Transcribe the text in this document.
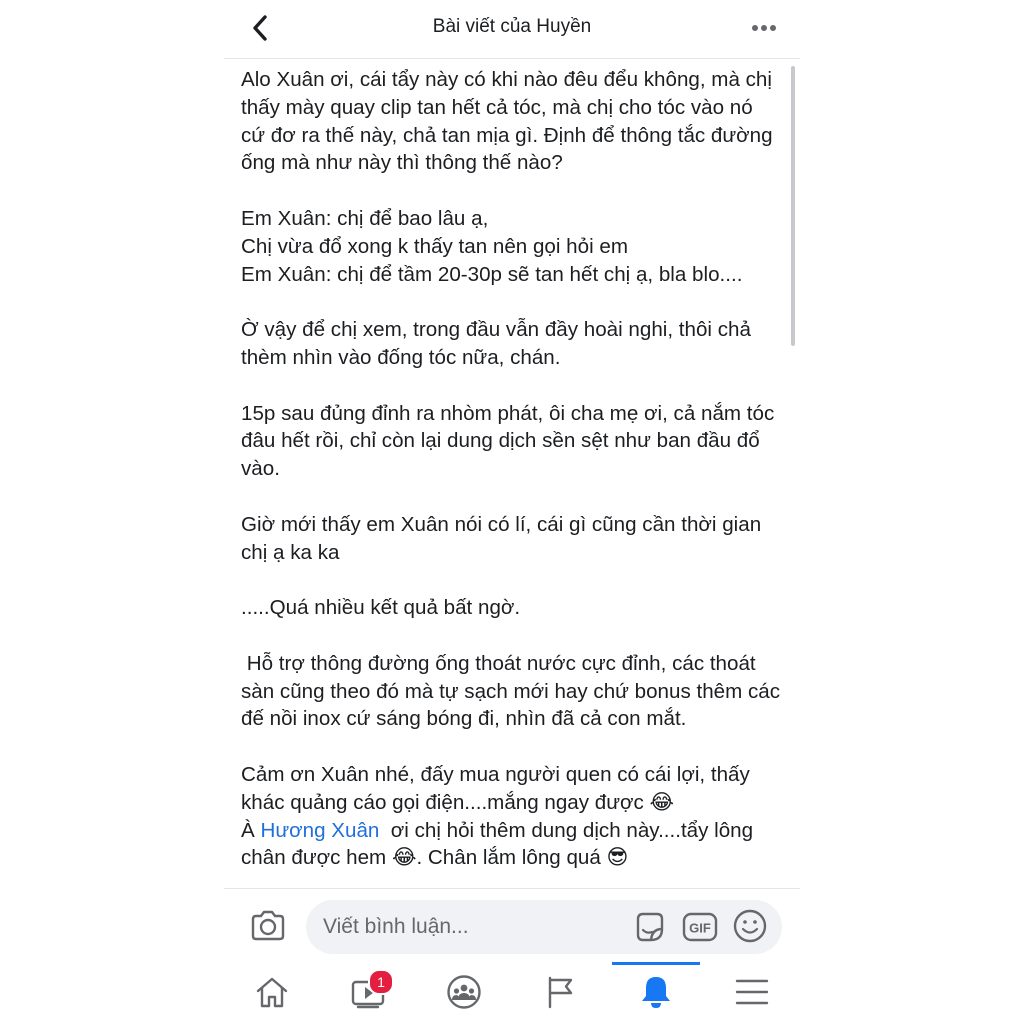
Bài viết của Huyền

Alo Xuân ơi, cái tẩy này có khi nào đêu đểu không, mà chị thấy mày quay clip tan hết cả tóc, mà chị cho tóc vào nó cứ đơ ra thế này, chả tan mịa gì. Định để thông tắc đường ống mà như này thì thông thế nào?

Em Xuân: chị để bao lâu ạ,
Chị vừa đổ xong k thấy tan nên gọi hỏi em
Em Xuân: chị để tầm 20-30p sẽ tan hết chị ạ, bla blo....

Ờ vậy để chị xem, trong đầu vẫn đầy hoài nghi, thôi chả thèm nhìn vào đống tóc nữa, chán.

15p sau đủng đỉnh ra nhòm phát, ôi cha mẹ ơi, cả nắm tóc đâu hết rồi, chỉ còn lại dung dịch sền sệt như ban đầu đổ vào.

Giờ mới thấy em Xuân nói có lí, cái gì cũng cần thời gian chị ạ ka ka

.....Quá nhiều kết quả bất ngờ.

Hỗ trợ thông đường ống thoát nước cực đỉnh, các thoát sàn cũng theo đó mà tự sạch mới hay chứ bonus thêm các đế nồi inox cứ sáng bóng đi, nhìn đã cả con mắt.

Cảm ơn Xuân nhé, đấy mua người quen có cái lợi, thấy khác quảng cáo gọi điện....mắng ngay được 😂
À Hương Xuân  ơi chị hỏi thêm dung dịch này....tẩy lông chân được hem 😂. Chân lắm lông quá 😎

Viết bình luận...
GIF
1
